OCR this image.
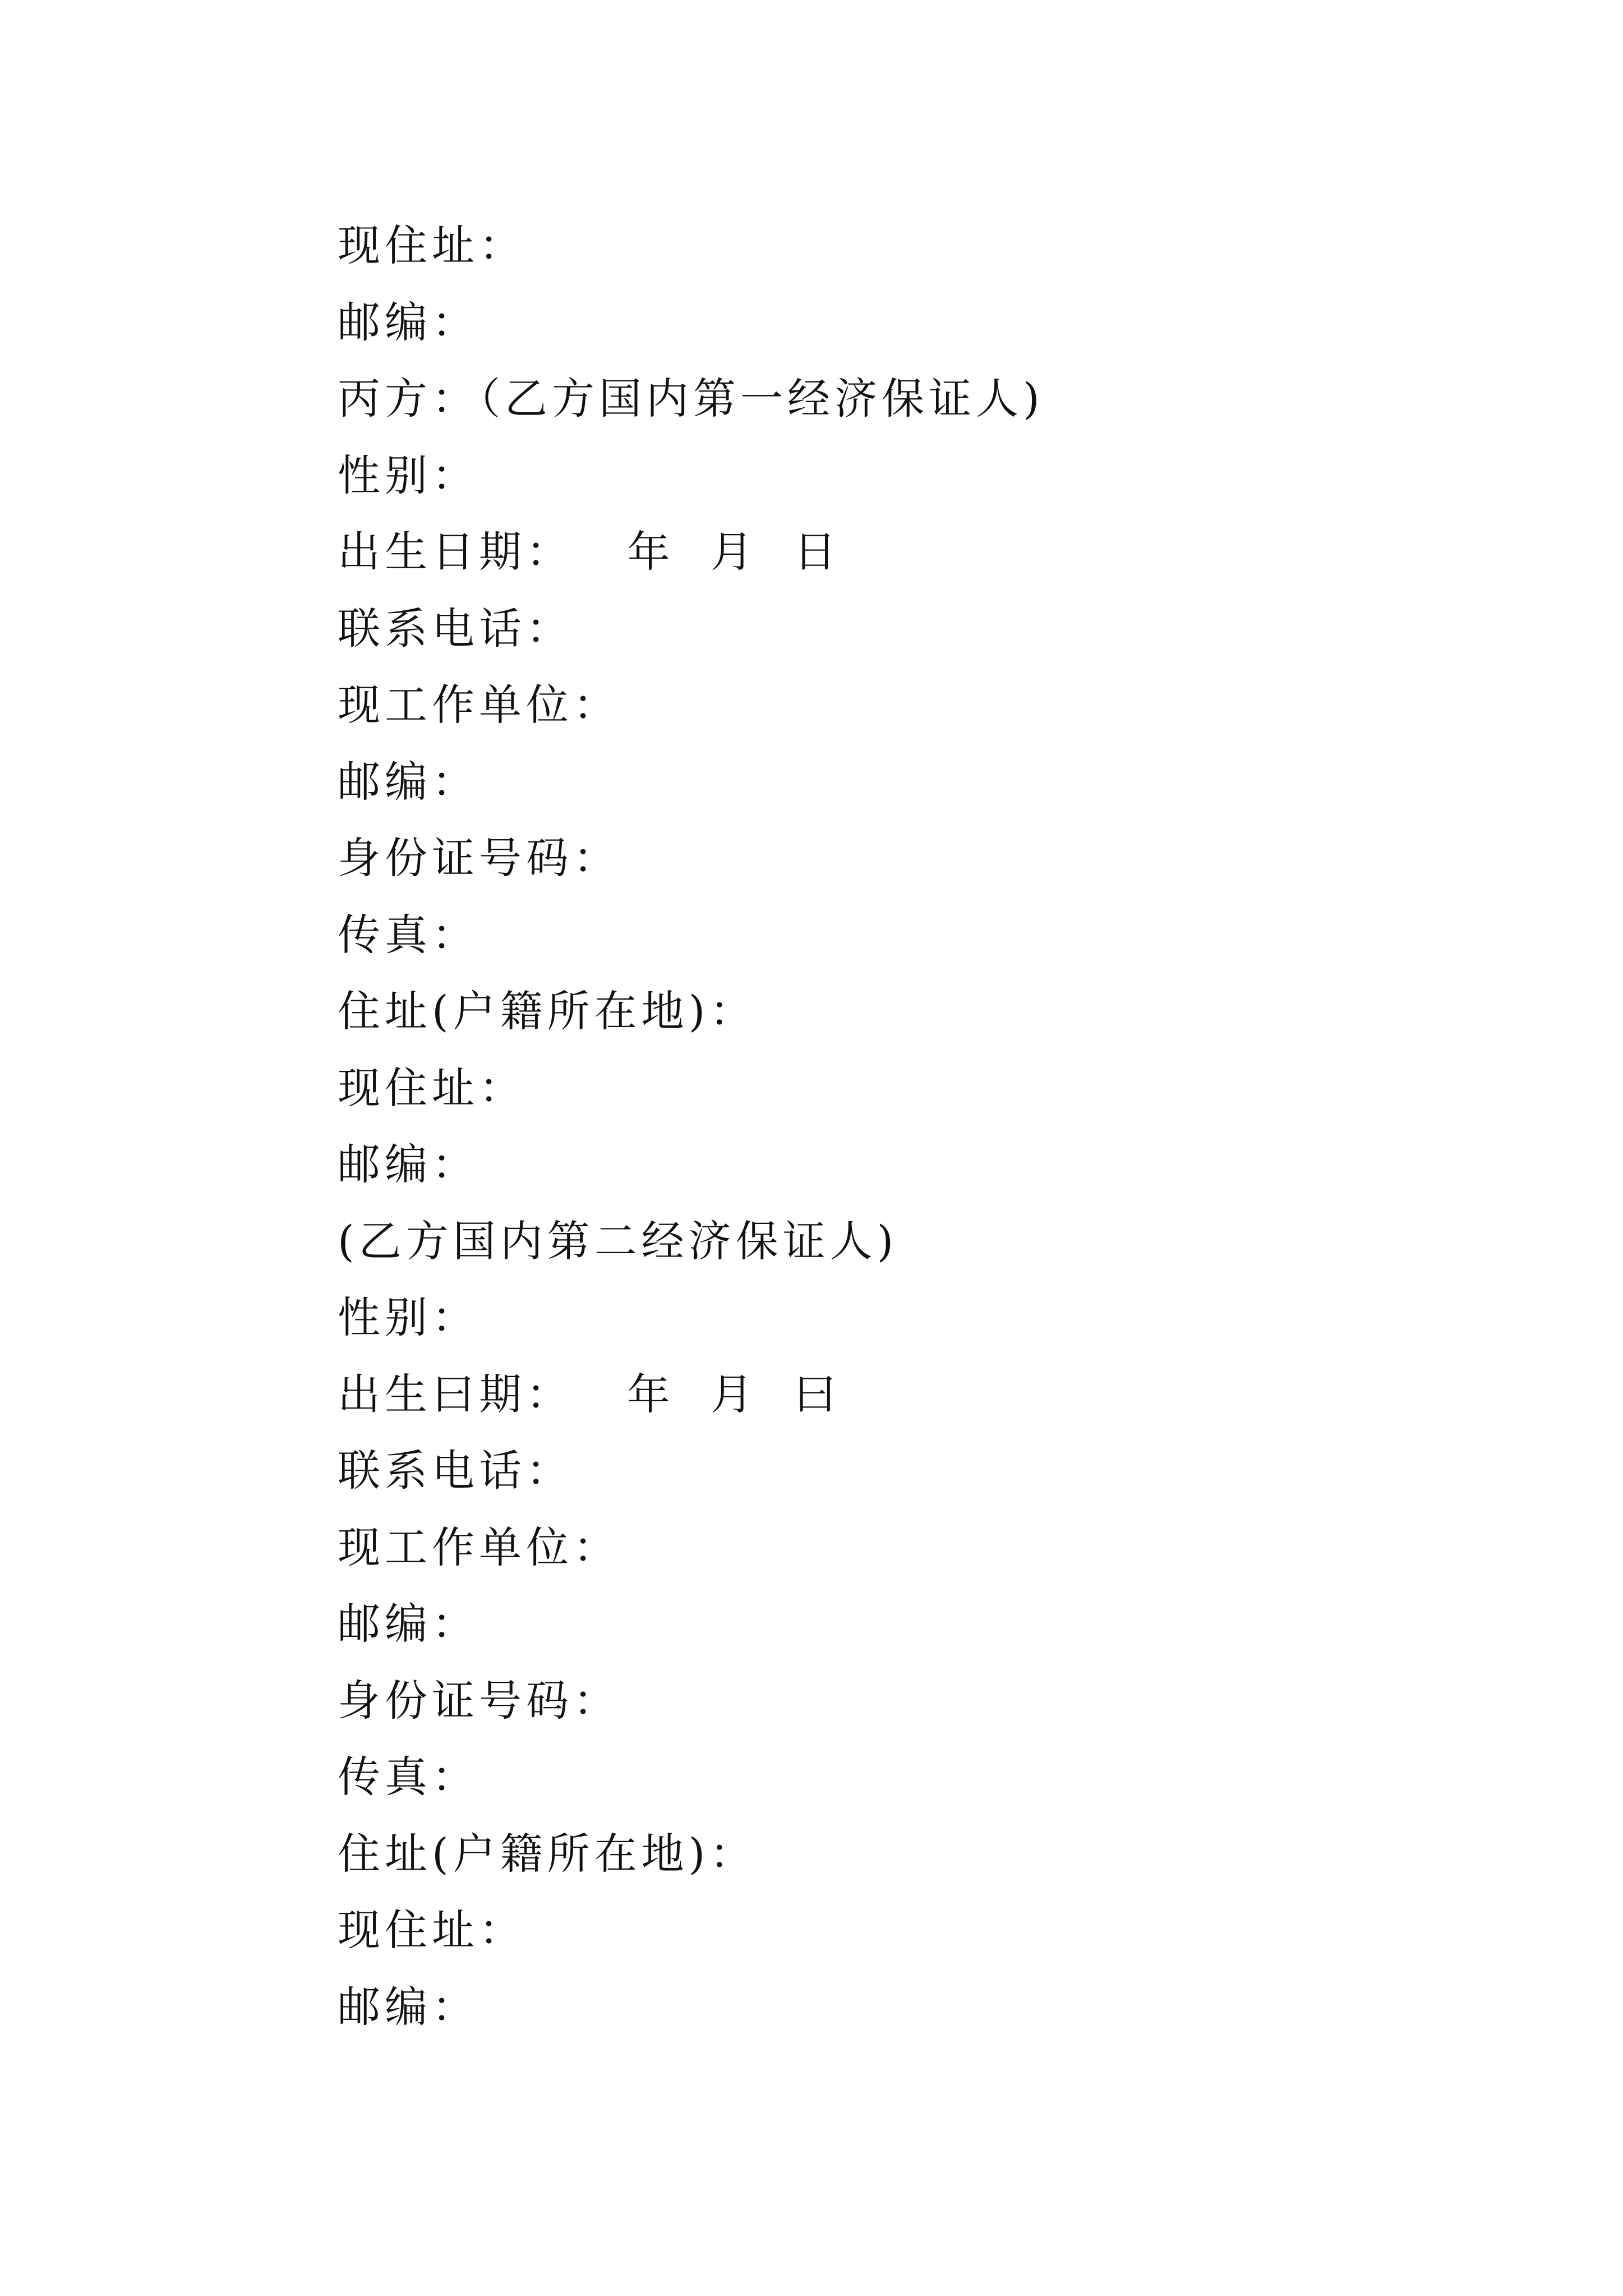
现住址：
邮编：
丙方：（乙方国内第一经济保证人)
性别：
出生日期：   年  月  日
联系电话：
现工作单位：
邮编：
身份证号码：
传真：
住址(户籍所在地)：
现住址：
邮编：
(乙方国内第二经济保证人)
性别：
出生曰期：   年  月  曰
联系电话：
现工作单位：
邮编：
身份证号码：
传真：
住址(户籍所在地)：
现住址：
邮编：
